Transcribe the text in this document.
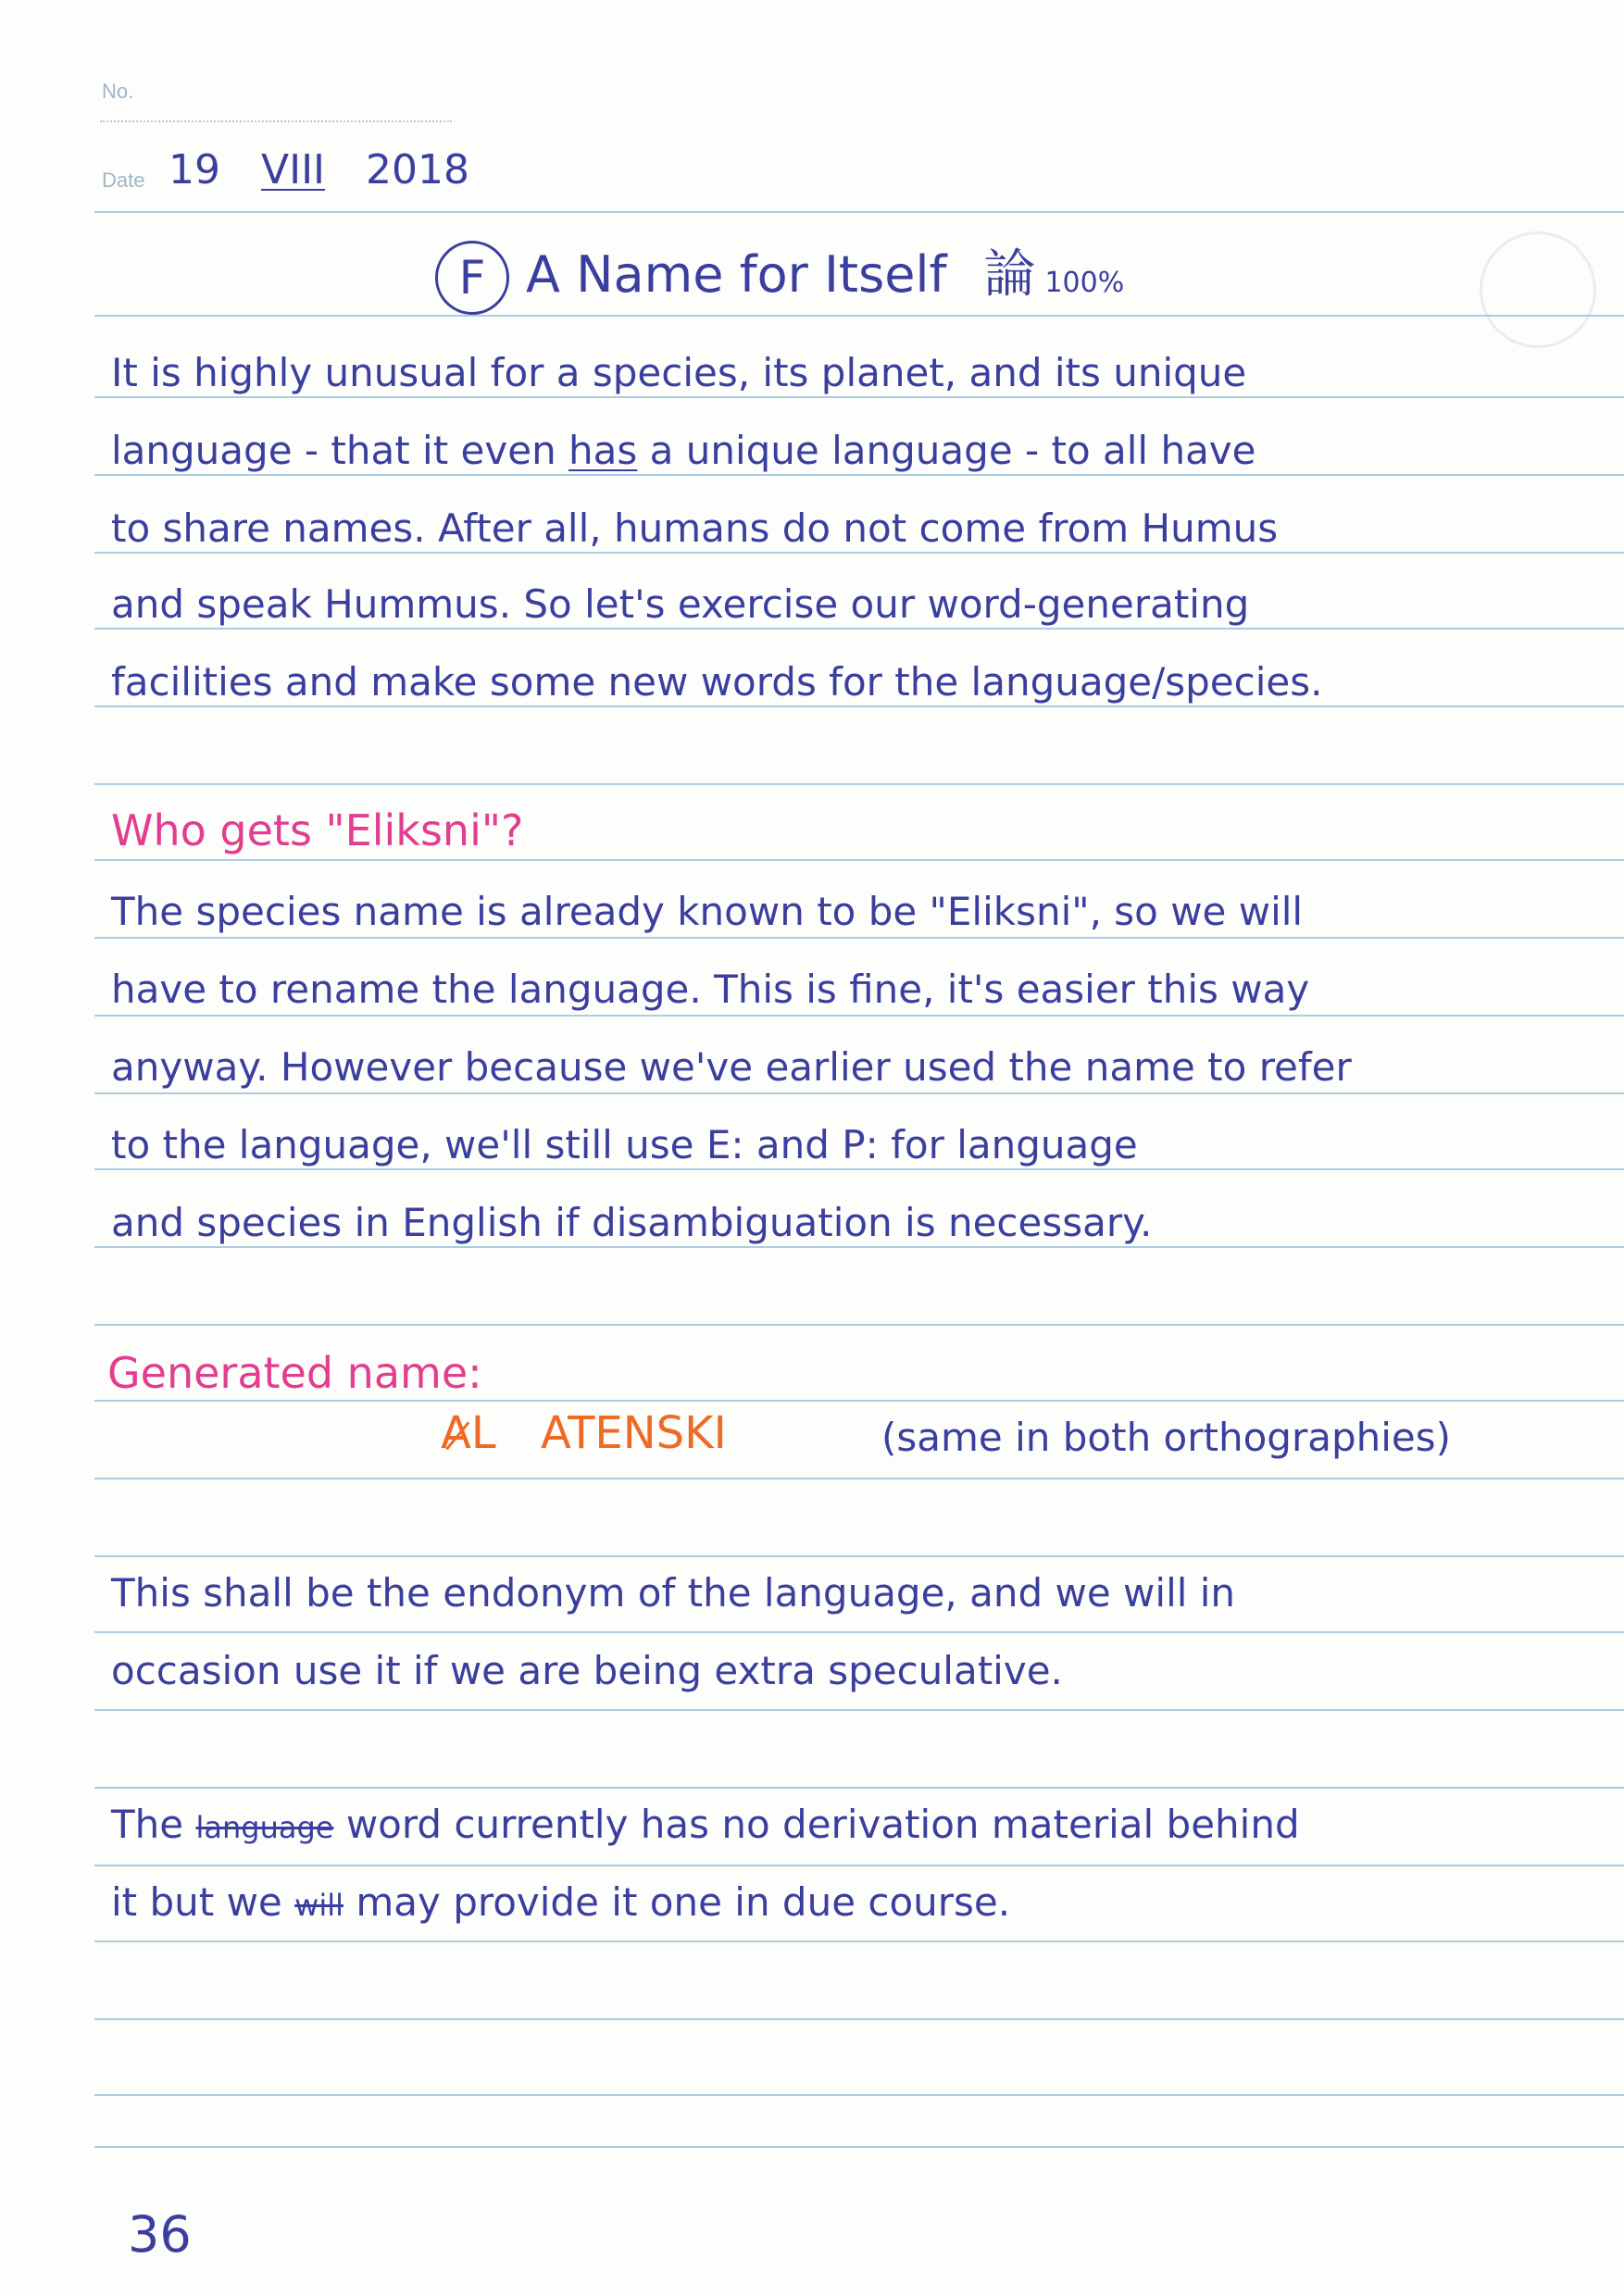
No.
Date 19 VIII 2018
F A Name for Itself 論 100%
It is highly unusual for a species, its planet, and its unique
language - that it even has a unique language - to all have
to share names. After all, humans do not come from Humus
and speak Hummus. So let's exercise our word-generating
facilities and make some new words for the language/species.
Who gets "Eliksni"?
The species name is already known to be "Eliksni", so we will
have to rename the language. This is fine, it's easier this way
anyway. However because we've earlier used the name to refer
to the language, we'll still use E: and P: for language
and species in English if disambiguation is necessary.
Generated name:
A̷L ATENSKI	(same in both orthographies)
This shall be the endonym of the language, and we will in
occasion use it if we are being extra speculative.
The language word currently has no derivation material behind
it but we will may provide it one in due course.
36
